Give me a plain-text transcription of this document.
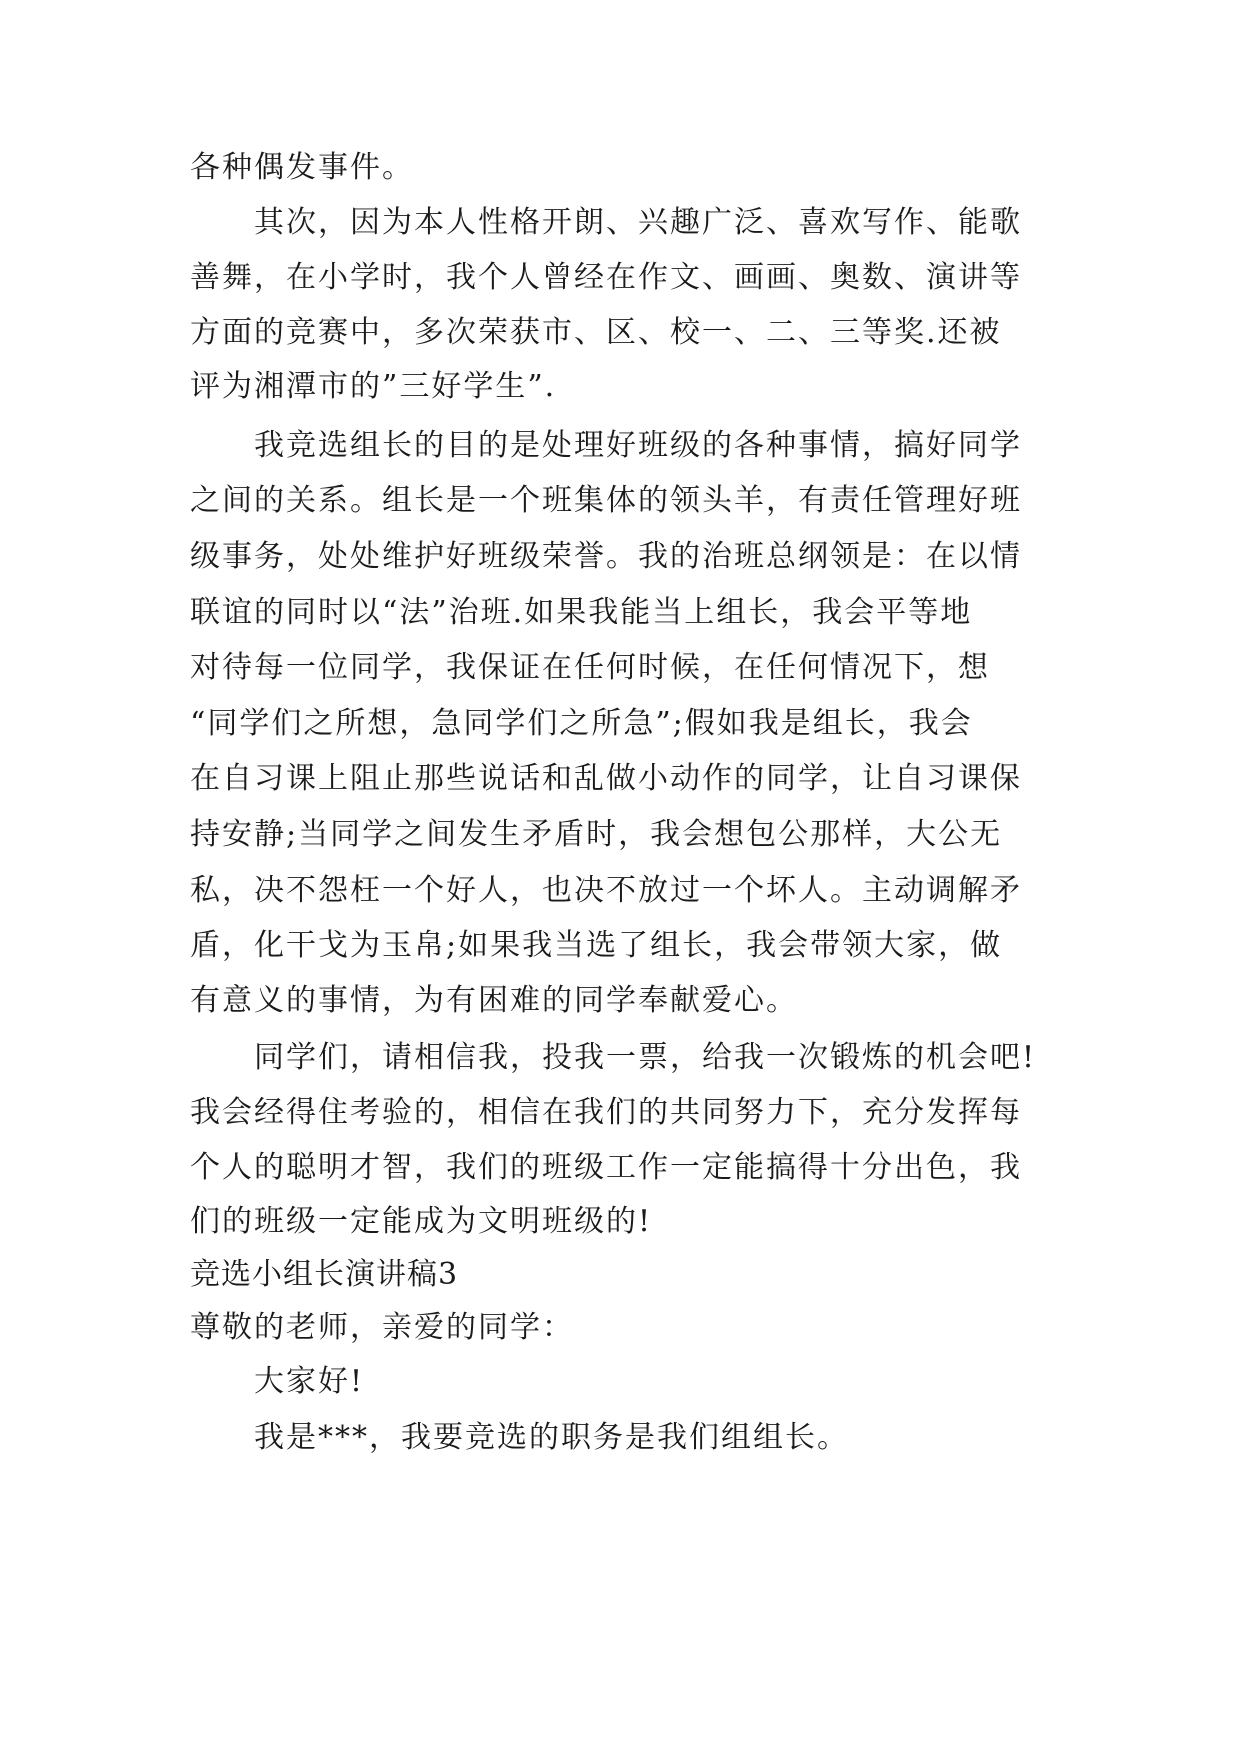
各种偶发事件。
其次，因为本人性格开朗、兴趣广泛、喜欢写作、能歌
善舞，在小学时，我个人曾经在作文、画画、奥数、演讲等
方面的竞赛中，多次荣获市、区、校一、二、三等奖.还被
评为湘潭市的”三好学生”.
我竞选组长的目的是处理好班级的各种事情，搞好同学
之间的关系。组长是一个班集体的领头羊，有责任管理好班
级事务，处处维护好班级荣誉。我的治班总纲领是：在以情
联谊的同时以“法”治班.如果我能当上组长，我会平等地
对待每一位同学，我保证在任何时候，在任何情况下，想
“同学们之所想，急同学们之所急”;假如我是组长，我会
在自习课上阻止那些说话和乱做小动作的同学，让自习课保
持安静;当同学之间发生矛盾时，我会想包公那样，大公无
私，决不怨枉一个好人，也决不放过一个坏人。主动调解矛
盾，化干戈为玉帛;如果我当选了组长，我会带领大家，做
有意义的事情，为有困难的同学奉献爱心。
同学们，请相信我，投我一票，给我一次锻炼的机会吧!
我会经得住考验的，相信在我们的共同努力下，充分发挥每
个人的聪明才智，我们的班级工作一定能搞得十分出色，我
们的班级一定能成为文明班级的!
竞选小组长演讲稿3
尊敬的老师，亲爱的同学：
大家好!
我是***，我要竞选的职务是我们组组长。
